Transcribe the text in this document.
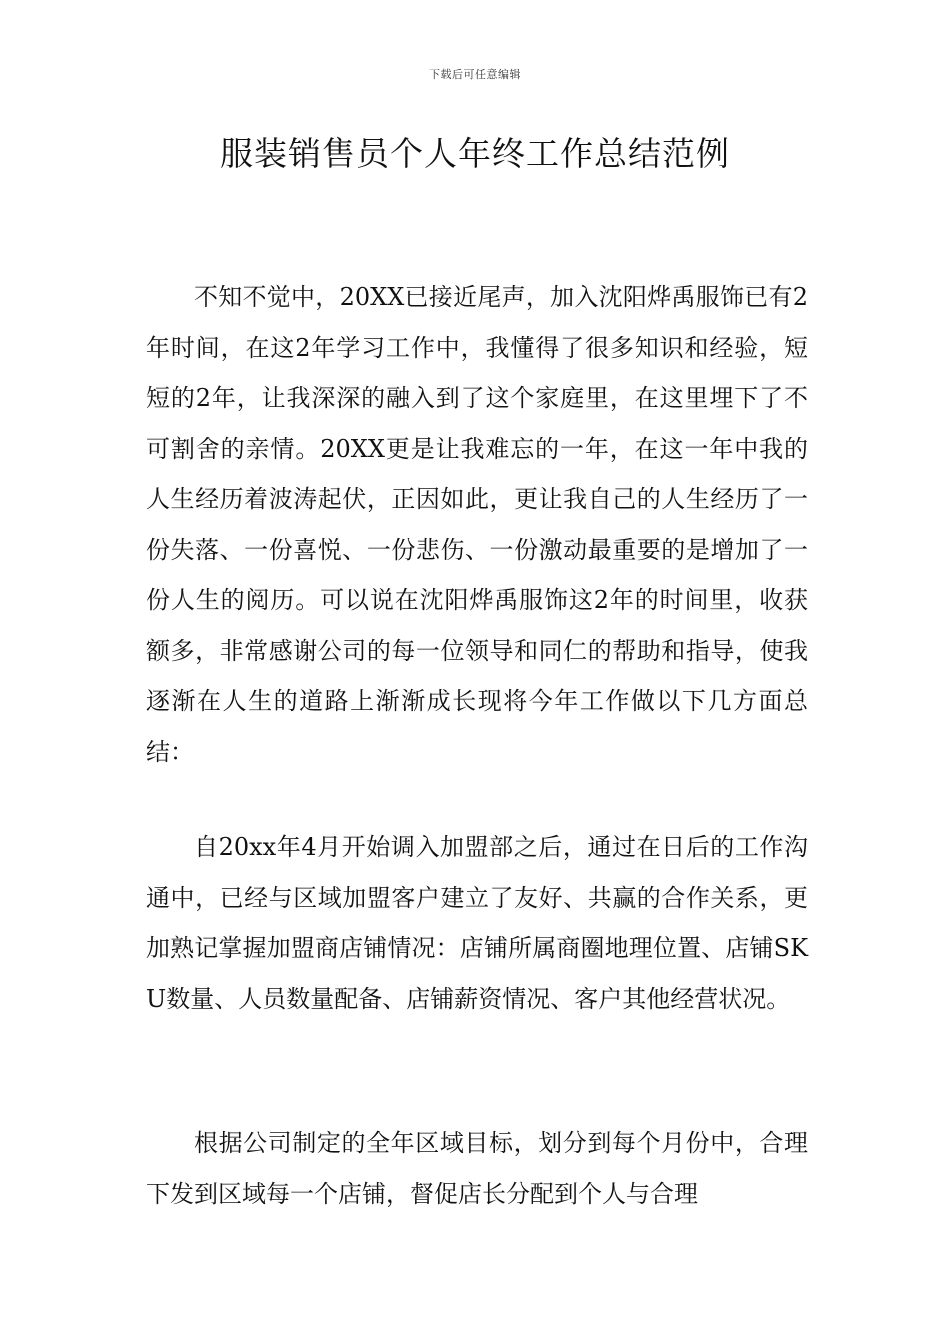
下载后可任意编辑
服装销售员个人年终工作总结范例

不知不觉中，20XX已接近尾声，加入沈阳烨禹服饰已有2年时间，在这2年学习工作中，我懂得了很多知识和经验，短短的2年，让我深深的融入到了这个家庭里，在这里埋下了不可割舍的亲情。20XX更是让我难忘的一年，在这一年中我的人生经历着波涛起伏，正因如此，更让我自己的人生经历了一份失落、一份喜悦、一份悲伤、一份激动最重要的是增加了一份人生的阅历。可以说在沈阳烨禹服饰这2年的时间里，收获额多，非常感谢公司的每一位领导和同仁的帮助和指导，使我逐渐在人生的道路上渐渐成长现将今年工作做以下几方面总结：

自20xx年4月开始调入加盟部之后，通过在日后的工作沟通中，已经与区域加盟客户建立了友好、共赢的合作关系，更加熟记掌握加盟商店铺情况：店铺所属商圈地理位置、店铺SKU数量、人员数量配备、店铺薪资情况、客户其他经营状况。

根据公司制定的全年区域目标，划分到每个月份中，合理下发到区域每一个店铺，督促店长分配到个人与合理
